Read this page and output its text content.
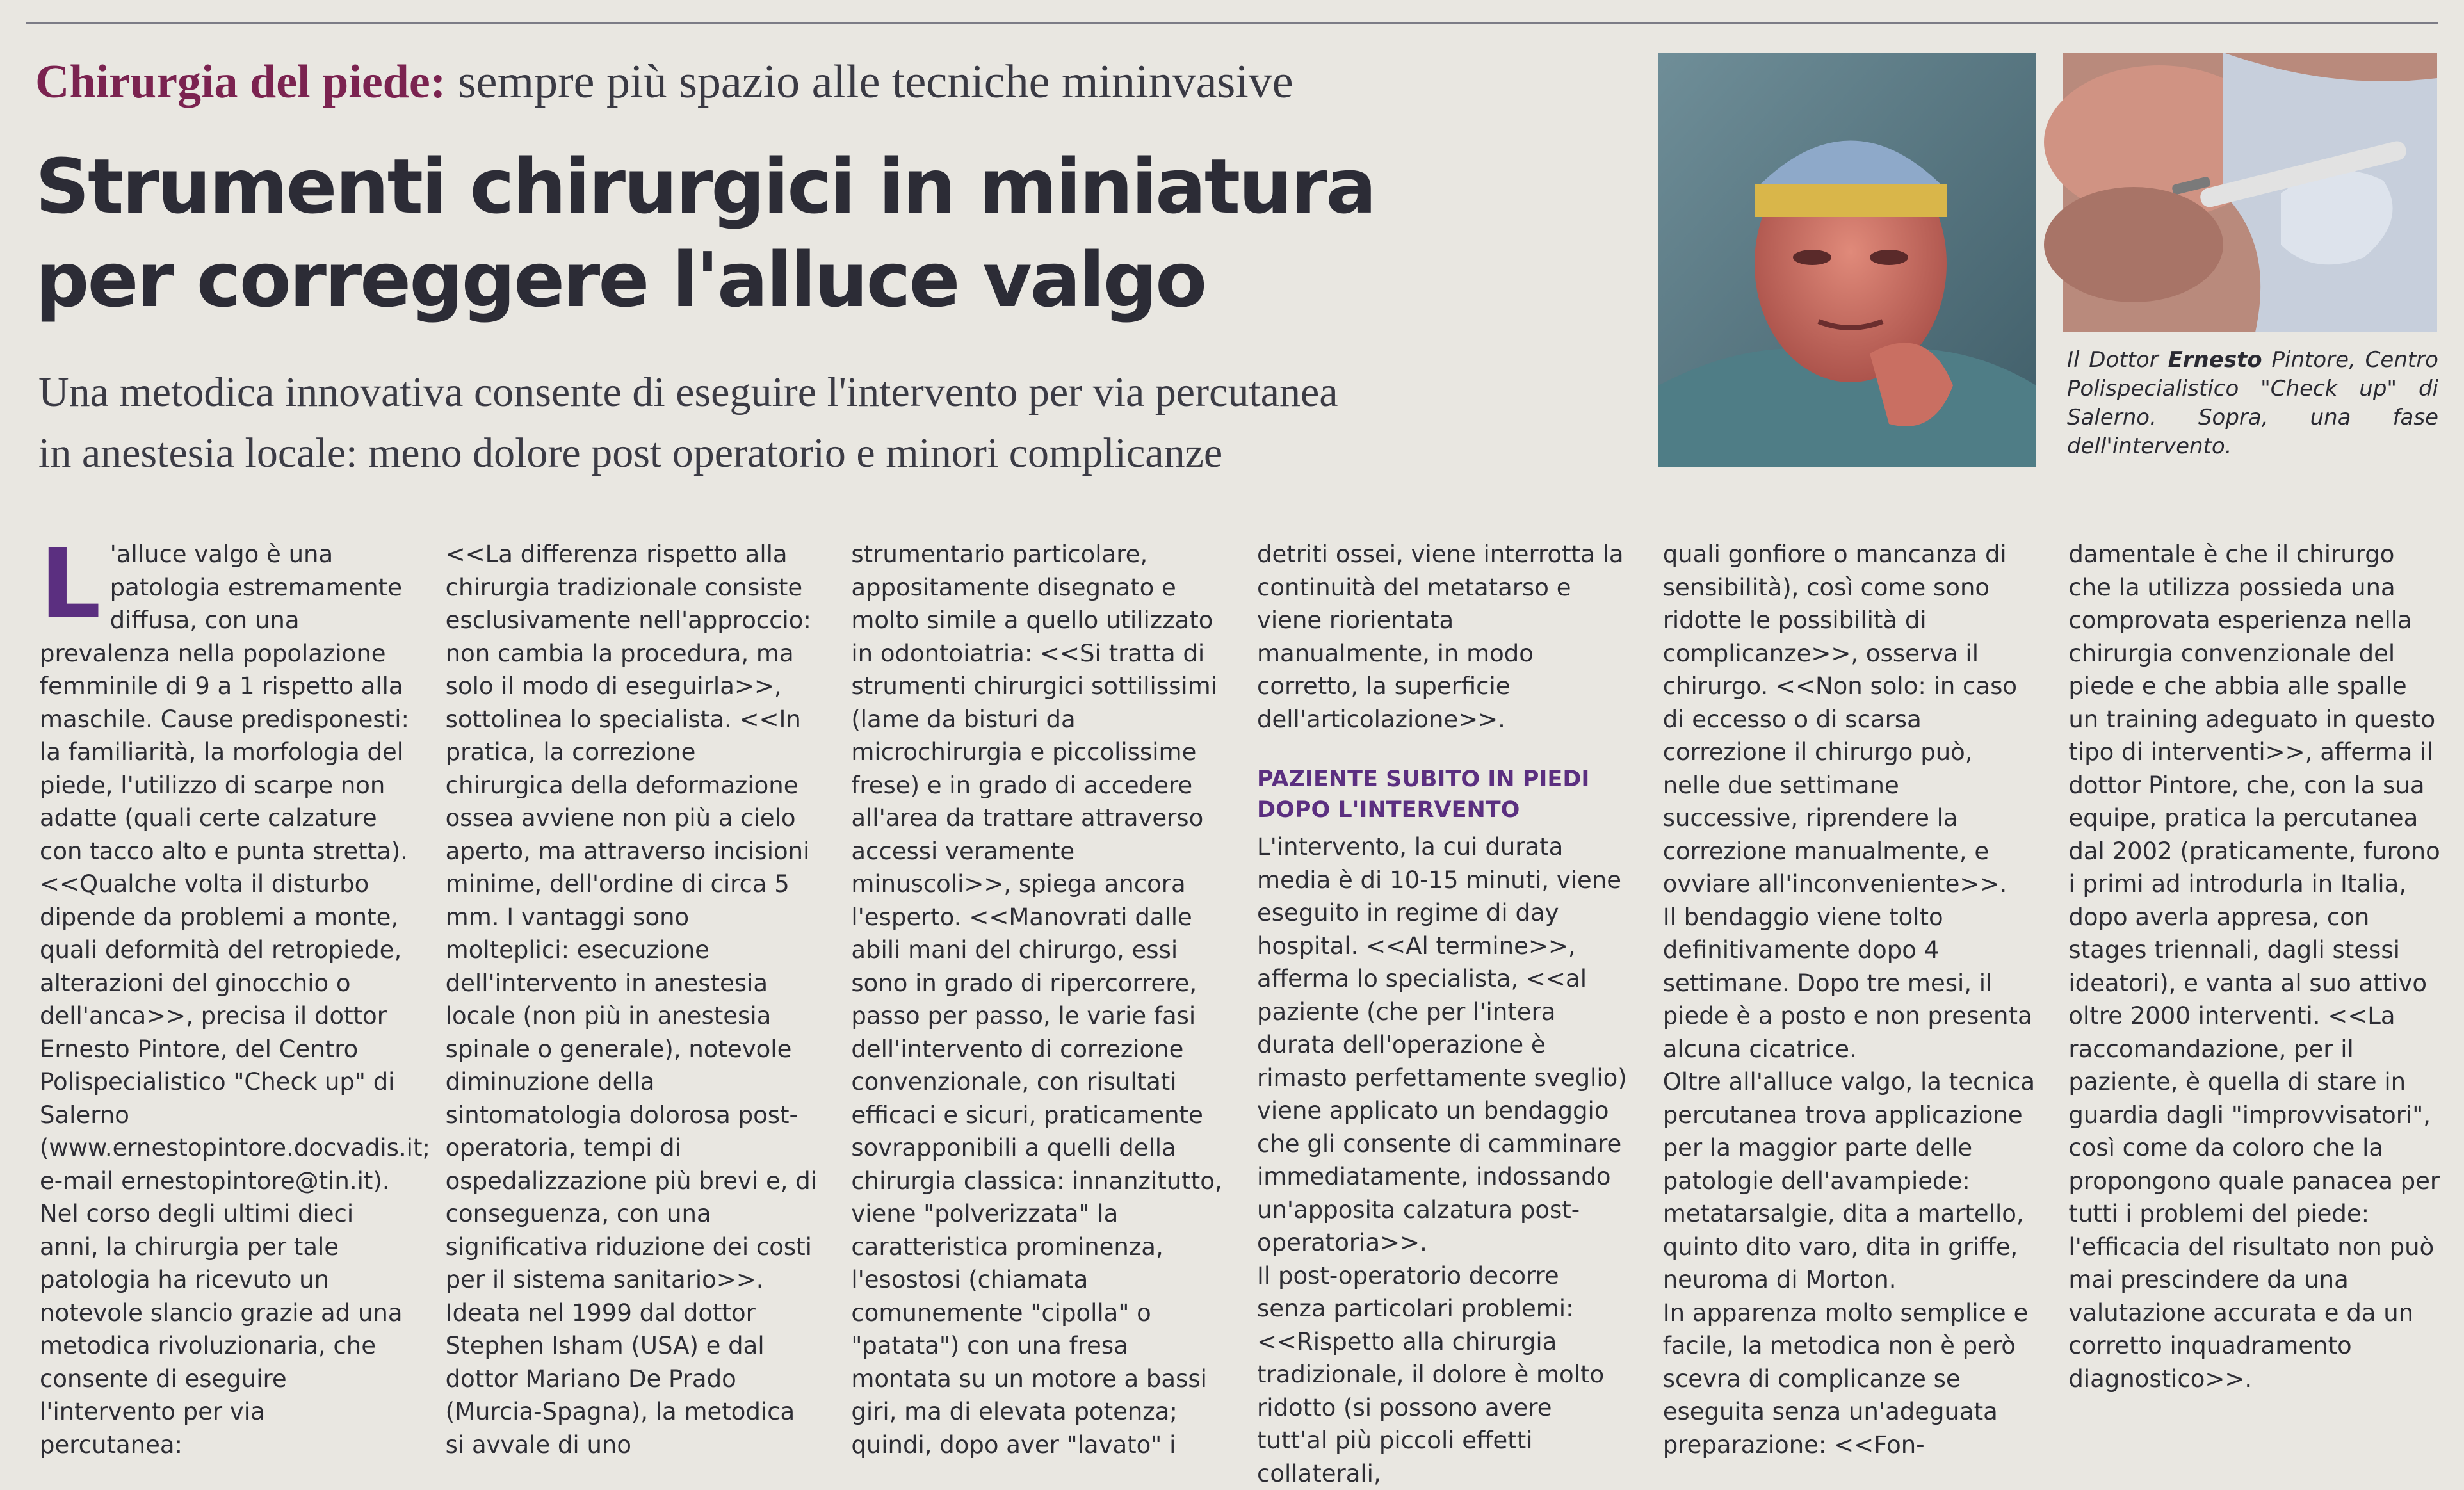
Chirurgia del piede: sempre più spazio alle tecniche mininvasive
Strumenti chirurgici in miniatura
per correggere l'alluce valgo
Una metodica innovativa consente di eseguire l'intervento per via percutanea
in anestesia locale: meno dolore post operatorio e minori complicanze
Il Dottor Ernesto Pintore, Centro Polispecialistico "Check up" di Salerno. Sopra, una fase dell'intervento.
L 'alluce valgo è una patologia estremamente diffusa, con una prevalenza nella popolazione femminile di 9 a 1 rispetto alla maschile. Cause predisponesti: la familiarità, la morfologia del piede, l'utilizzo di scarpe non adatte (quali certe calzature con tacco alto e punta stretta). <<Qualche volta il disturbo dipende da problemi a monte, quali deformità del retropiede, alterazioni del ginocchio o dell'anca>>, precisa il dottor Ernesto Pintore, del Centro Polispecialistico "Check up" di Salerno (www.ernestopintore.docvadis.it; e-mail ernestopintore@tin.it).
Nel corso degli ultimi dieci anni, la chirurgia per tale patologia ha ricevuto un notevole slancio grazie ad una metodica rivoluzionaria, che consente di eseguire l'intervento per via percutanea:
<<La differenza rispetto alla chirurgia tradizionale consiste esclusivamente nell'approccio: non cambia la procedura, ma solo il modo di eseguirla>>, sottolinea lo specialista. <<In pratica, la correzione chirurgica della deformazione ossea avviene non più a cielo aperto, ma attraverso incisioni minime, dell'ordine di circa 5 mm. I vantaggi sono molteplici: esecuzione dell'intervento in anestesia locale (non più in anestesia spinale o generale), notevole diminuzione della sintomatologia dolorosa post-operatoria, tempi di ospedalizzazione più brevi e, di conseguenza, con una significativa riduzione dei costi per il sistema sanitario>>.
Ideata nel 1999 dal dottor Stephen Isham (USA) e dal dottor Mariano De Prado (Murcia-Spagna), la metodica si avvale di uno
strumentario particolare, appositamente disegnato e molto simile a quello utilizzato in odontoiatria: <<Si tratta di strumenti chirurgici sottilissimi (lame da bisturi da microchirurgia e piccolissime frese) e in grado di accedere all'area da trattare attraverso accessi veramente minuscoli>>, spiega ancora l'esperto. <<Manovrati dalle abili mani del chirurgo, essi sono in grado di ripercorrere, passo per passo, le varie fasi dell'intervento di correzione convenzionale, con risultati efficaci e sicuri, praticamente sovrapponibili a quelli della chirurgia classica: innanzitutto, viene "polverizzata" la caratteristica prominenza, l'esostosi (chiamata comunemente "cipolla" o "patata") con una fresa montata su un motore a bassi giri, ma di elevata potenza; quindi, dopo aver "lavato" i
detriti ossei, viene interrotta la continuità del metatarso e viene riorientata manualmente, in modo corretto, la superficie dell'articolazione>>.
PAZIENTE SUBITO IN PIEDI DOPO L'INTERVENTO
L'intervento, la cui durata media è di 10-15 minuti, viene eseguito in regime di day hospital. <<Al termine>>, afferma lo specialista, <<al paziente (che per l'intera durata dell'operazione è rimasto perfettamente sveglio) viene applicato un bendaggio che gli consente di camminare immediatamente, indossando un'apposita calzatura post-operatoria>>.
Il post-operatorio decorre senza particolari problemi: <<Rispetto alla chirurgia tradizionale, il dolore è molto ridotto (si possono avere tutt'al più piccoli effetti collaterali,
quali gonfiore o mancanza di sensibilità), così come sono ridotte le possibilità di complicanze>>, osserva il chirurgo. <<Non solo: in caso di eccesso o di scarsa correzione il chirurgo può, nelle due settimane successive, riprendere la correzione manualmente, e ovviare all'inconveniente>>.
Il bendaggio viene tolto definitivamente dopo 4 settimane. Dopo tre mesi, il piede è a posto e non presenta alcuna cicatrice.
Oltre all'alluce valgo, la tecnica percutanea trova applicazione per la maggior parte delle patologie dell'avampiede: metatarsalgie, dita a martello, quinto dito varo, dita in griffe, neuroma di Morton.
In apparenza molto semplice e facile, la metodica non è però scevra di complicanze se eseguita senza un'adeguata preparazione: <<Fon-
damentale è che il chirurgo che la utilizza possieda una comprovata esperienza nella chirurgia convenzionale del piede e che abbia alle spalle un training adeguato in questo tipo di interventi>>, afferma il dottor Pintore, che, con la sua equipe, pratica la percutanea dal 2002 (praticamente, furono i primi ad introdurla in Italia, dopo averla appresa, con stages triennali, dagli stessi ideatori), e vanta al suo attivo oltre 2000 interventi. <<La raccomandazione, per il paziente, è quella di stare in guardia dagli "improvvisatori", così come da coloro che la propongono quale panacea per tutti i problemi del piede: l'efficacia del risultato non può mai prescindere da una valutazione accurata e da un corretto inquadramento diagnostico>>.
